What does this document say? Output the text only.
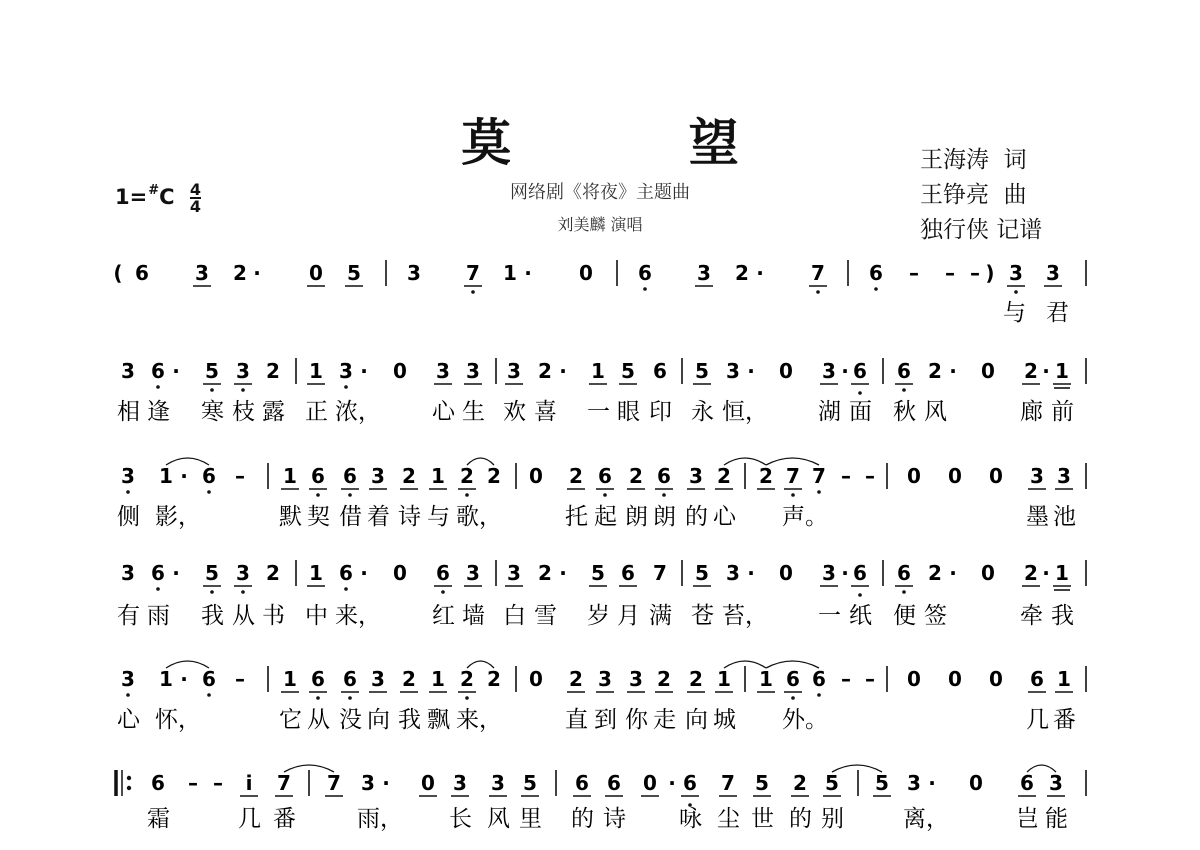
莫 望
网络剧《将夜》主题曲
刘美麟 演唱
王海涛  词
王铮亮  曲
独行侠 记谱
$1=^{\#}C \frac{4}{4}$
( 6 3 2 · 0 5 3 7 1 · 0 6 3 2 · 7 6 – – – ) 3 3
与 君
3 6 · 5 3 2 1 3 · 0 3 3 3 2 · 1 5 6 5 3 · 0 3 · 6 6 2 · 0 2 · 1
相 逢 寒 枝 露 正 浓， 心 生 欢 喜 一 眼 印 永 恒， 湖 面 秋 风	廊 前
3 1 · 6 – 1 6 6 3 2 1 2 2 0 2 6 2 6 3 2 2 7 7 – – 0 0 0 3 3
侧 影，	默 契 借 着 诗 与 歌，	托 起 朗 朗 的 心 声。	墨 池
3 6 · 5 3 2 1 6 · 0 6 3 3 2 · 5 6 7 5 3 · 0 3 · 6 6 2 · 0 2 · 1
有 雨 我 从 书 中 来， 红 墙 白 雪 岁 月 满 苍 苔， 一 纸 便 签	牵 我
3 1 · 6 – 1 6 6 3 2 1 2 2 0 2 3 3 2 2 1 1 6 6 – – 0 0 0 6 1
心 怀，	它 从 没 向 我 飘 来，	直 到 你 走 向 城 外。	几 番
6 – – i 7 7 3 · 0 3 3 5 6 6 0 · 6 7 5 2 5 5 3 · 0 6 3
霜	几 番	雨， 长 风 里 的 诗 咏 尘 世 的 别	离，	岂 能
